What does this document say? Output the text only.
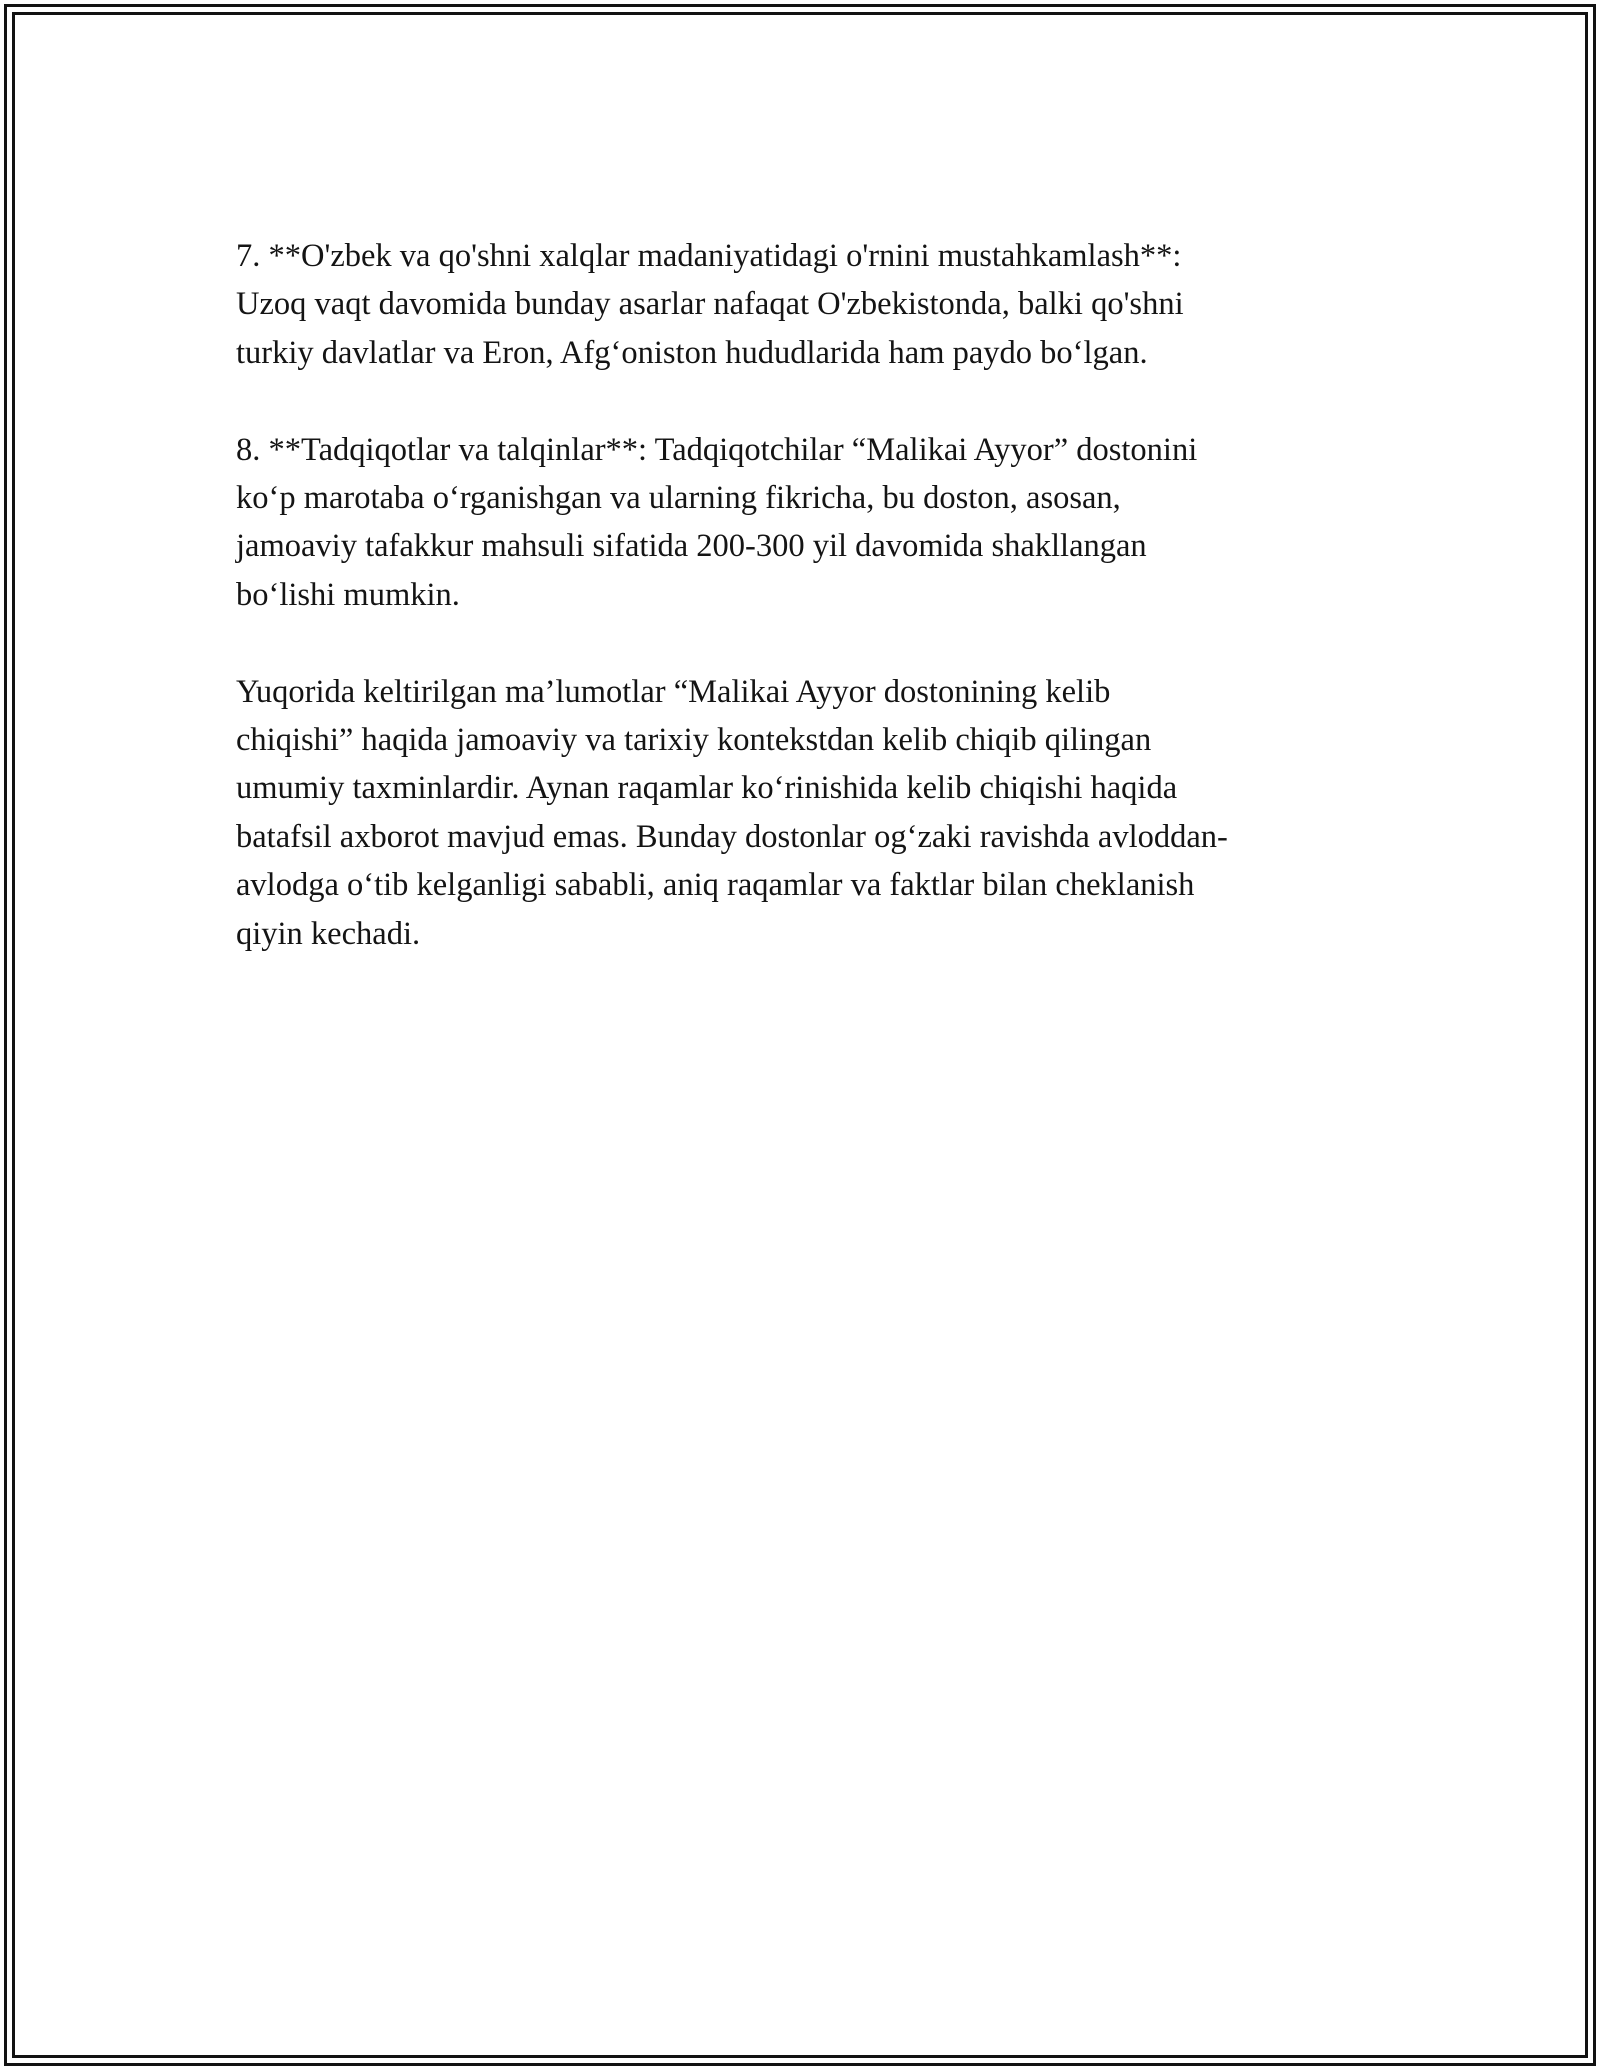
7. **O'zbek va qo'shni xalqlar madaniyatidagi o'rnini mustahkamlash**:
Uzoq vaqt davomida bunday asarlar nafaqat O'zbekistonda, balki qo'shni
turkiy davlatlar va Eron, Afg‘oniston hududlarida ham paydo bo‘lgan.

8. **Tadqiqotlar va talqinlar**: Tadqiqotchilar “Malikai Ayyor” dostonini
ko‘p marotaba o‘rganishgan va ularning fikricha, bu doston, asosan,
jamoaviy tafakkur mahsuli sifatida 200-300 yil davomida shakllangan
bo‘lishi mumkin.

Yuqorida keltirilgan ma’lumotlar “Malikai Ayyor dostonining kelib
chiqishi” haqida jamoaviy va tarixiy kontekstdan kelib chiqib qilingan
umumiy taxminlardir. Aynan raqamlar ko‘rinishida kelib chiqishi haqida
batafsil axborot mavjud emas. Bunday dostonlar og‘zaki ravishda avloddan-
avlodga o‘tib kelganligi sababli, aniq raqamlar va faktlar bilan cheklanish
qiyin kechadi.
